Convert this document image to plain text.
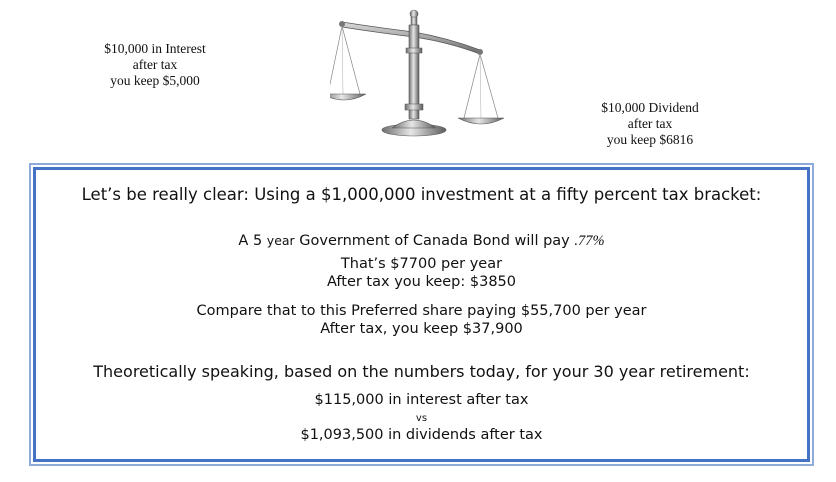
$10,000 in Interest
after tax
you keep $5,000
$10,000 Dividend
after tax
you keep $6816
Let’s be really clear: Using a $1,000,000 investment at a fifty percent tax bracket:
A 5 year Government of Canada Bond will pay .77%
That’s $7700 per year
After tax you keep: $3850
Compare that to this Preferred share paying $55,700 per year
After tax, you keep $37,900
Theoretically speaking, based on the numbers today, for your 30 year retirement:
$115,000 in interest after tax
vs
$1,093,500 in dividends after tax
